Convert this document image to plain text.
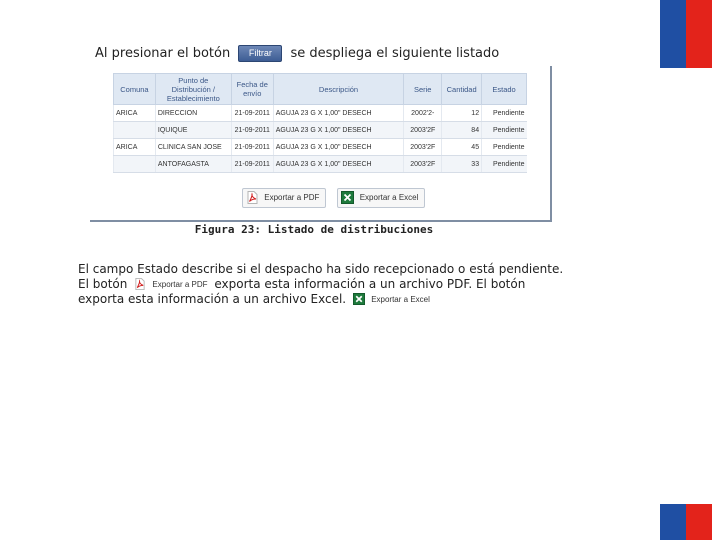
Al presionar el botón Filtrar se despliega el siguiente listado
Comuna	Punto de Distribución / Establecimiento	Fecha de envío	Descripción	Serie	Cantidad	Estado
ARICA	DIRECCION	21-09-2011	AGUJA 23 G X 1,00" DESECH	2002'2-	12	Pendiente
	IQUIQUE	21-09-2011	AGUJA 23 G X 1,00" DESECH	2003'2F	84	Pendiente
ARICA	CLINICA SAN JOSE	21-09-2011	AGUJA 23 G X 1,00" DESECH	2003'2F	45	Pendiente
	ANTOFAGASTA	21-09-2011	AGUJA 23 G X 1,00" DESECH	2003'2F	33	Pendiente
Exportar a PDF	Exportar a Excel
Figura 23: Listado de distribuciones

El campo Estado describe si el despacho ha sido recepcionado o está pendiente.

El botón	Exportar a PDF exporta esta información a un archivo PDF. El botón

exporta esta información a un archivo Excel.	Exportar a Excel
